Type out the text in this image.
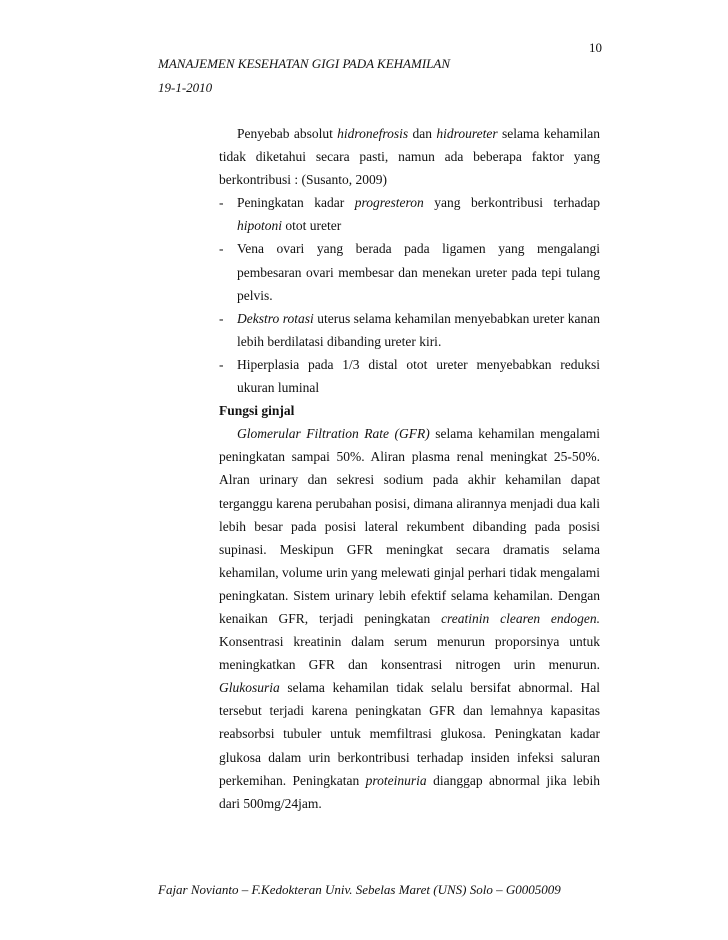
10
MANAJEMEN KESEHATAN GIGI PADA KEHAMILAN
19-1-2010

Penyebab absolut hidronefrosis dan hidroureter selama kehamilan tidak diketahui secara pasti, namun ada beberapa faktor yang berkontribusi : (Susanto, 2009)

- Peningkatan kadar progresteron yang berkontribusi terhadap hipotoni otot ureter
- Vena ovari yang berada pada ligamen yang mengalangi pembesaran ovari membesar dan menekan ureter pada tepi tulang pelvis.
- Dekstro rotasi uterus selama kehamilan menyebabkan ureter kanan lebih berdilatasi dibanding ureter kiri.
- Hiperplasia pada 1/3 distal otot ureter menyebabkan reduksi ukuran luminal

Fungsi ginjal

Glomerular Filtration Rate (GFR) selama kehamilan mengalami peningkatan sampai 50%. Aliran plasma renal meningkat 25-50%. Alran urinary dan sekresi sodium pada akhir kehamilan dapat terganggu karena perubahan posisi, dimana alirannya menjadi dua kali lebih besar pada posisi lateral rekumbent dibanding pada posisi supinasi. Meskipun GFR meningkat secara dramatis selama kehamilan, volume urin yang melewati ginjal perhari tidak mengalami peningkatan. Sistem urinary lebih efektif selama kehamilan. Dengan kenaikan GFR, terjadi peningkatan creatinin clearen endogen. Konsentrasi kreatinin dalam serum menurun proporsinya untuk meningkatkan GFR dan konsentrasi nitrogen urin menurun. Glukosuria selama kehamilan tidak selalu bersifat abnormal. Hal tersebut terjadi karena peningkatan GFR dan lemahnya kapasitas reabsorbsi tubuler untuk memfiltrasi glukosa. Peningkatan kadar glukosa dalam urin berkontribusi terhadap insiden infeksi saluran perkemihan. Peningkatan proteinuria dianggap abnormal jika lebih dari 500mg/24jam.

Fajar Novianto – F.Kedokteran Univ. Sebelas Maret (UNS) Solo – G0005009
